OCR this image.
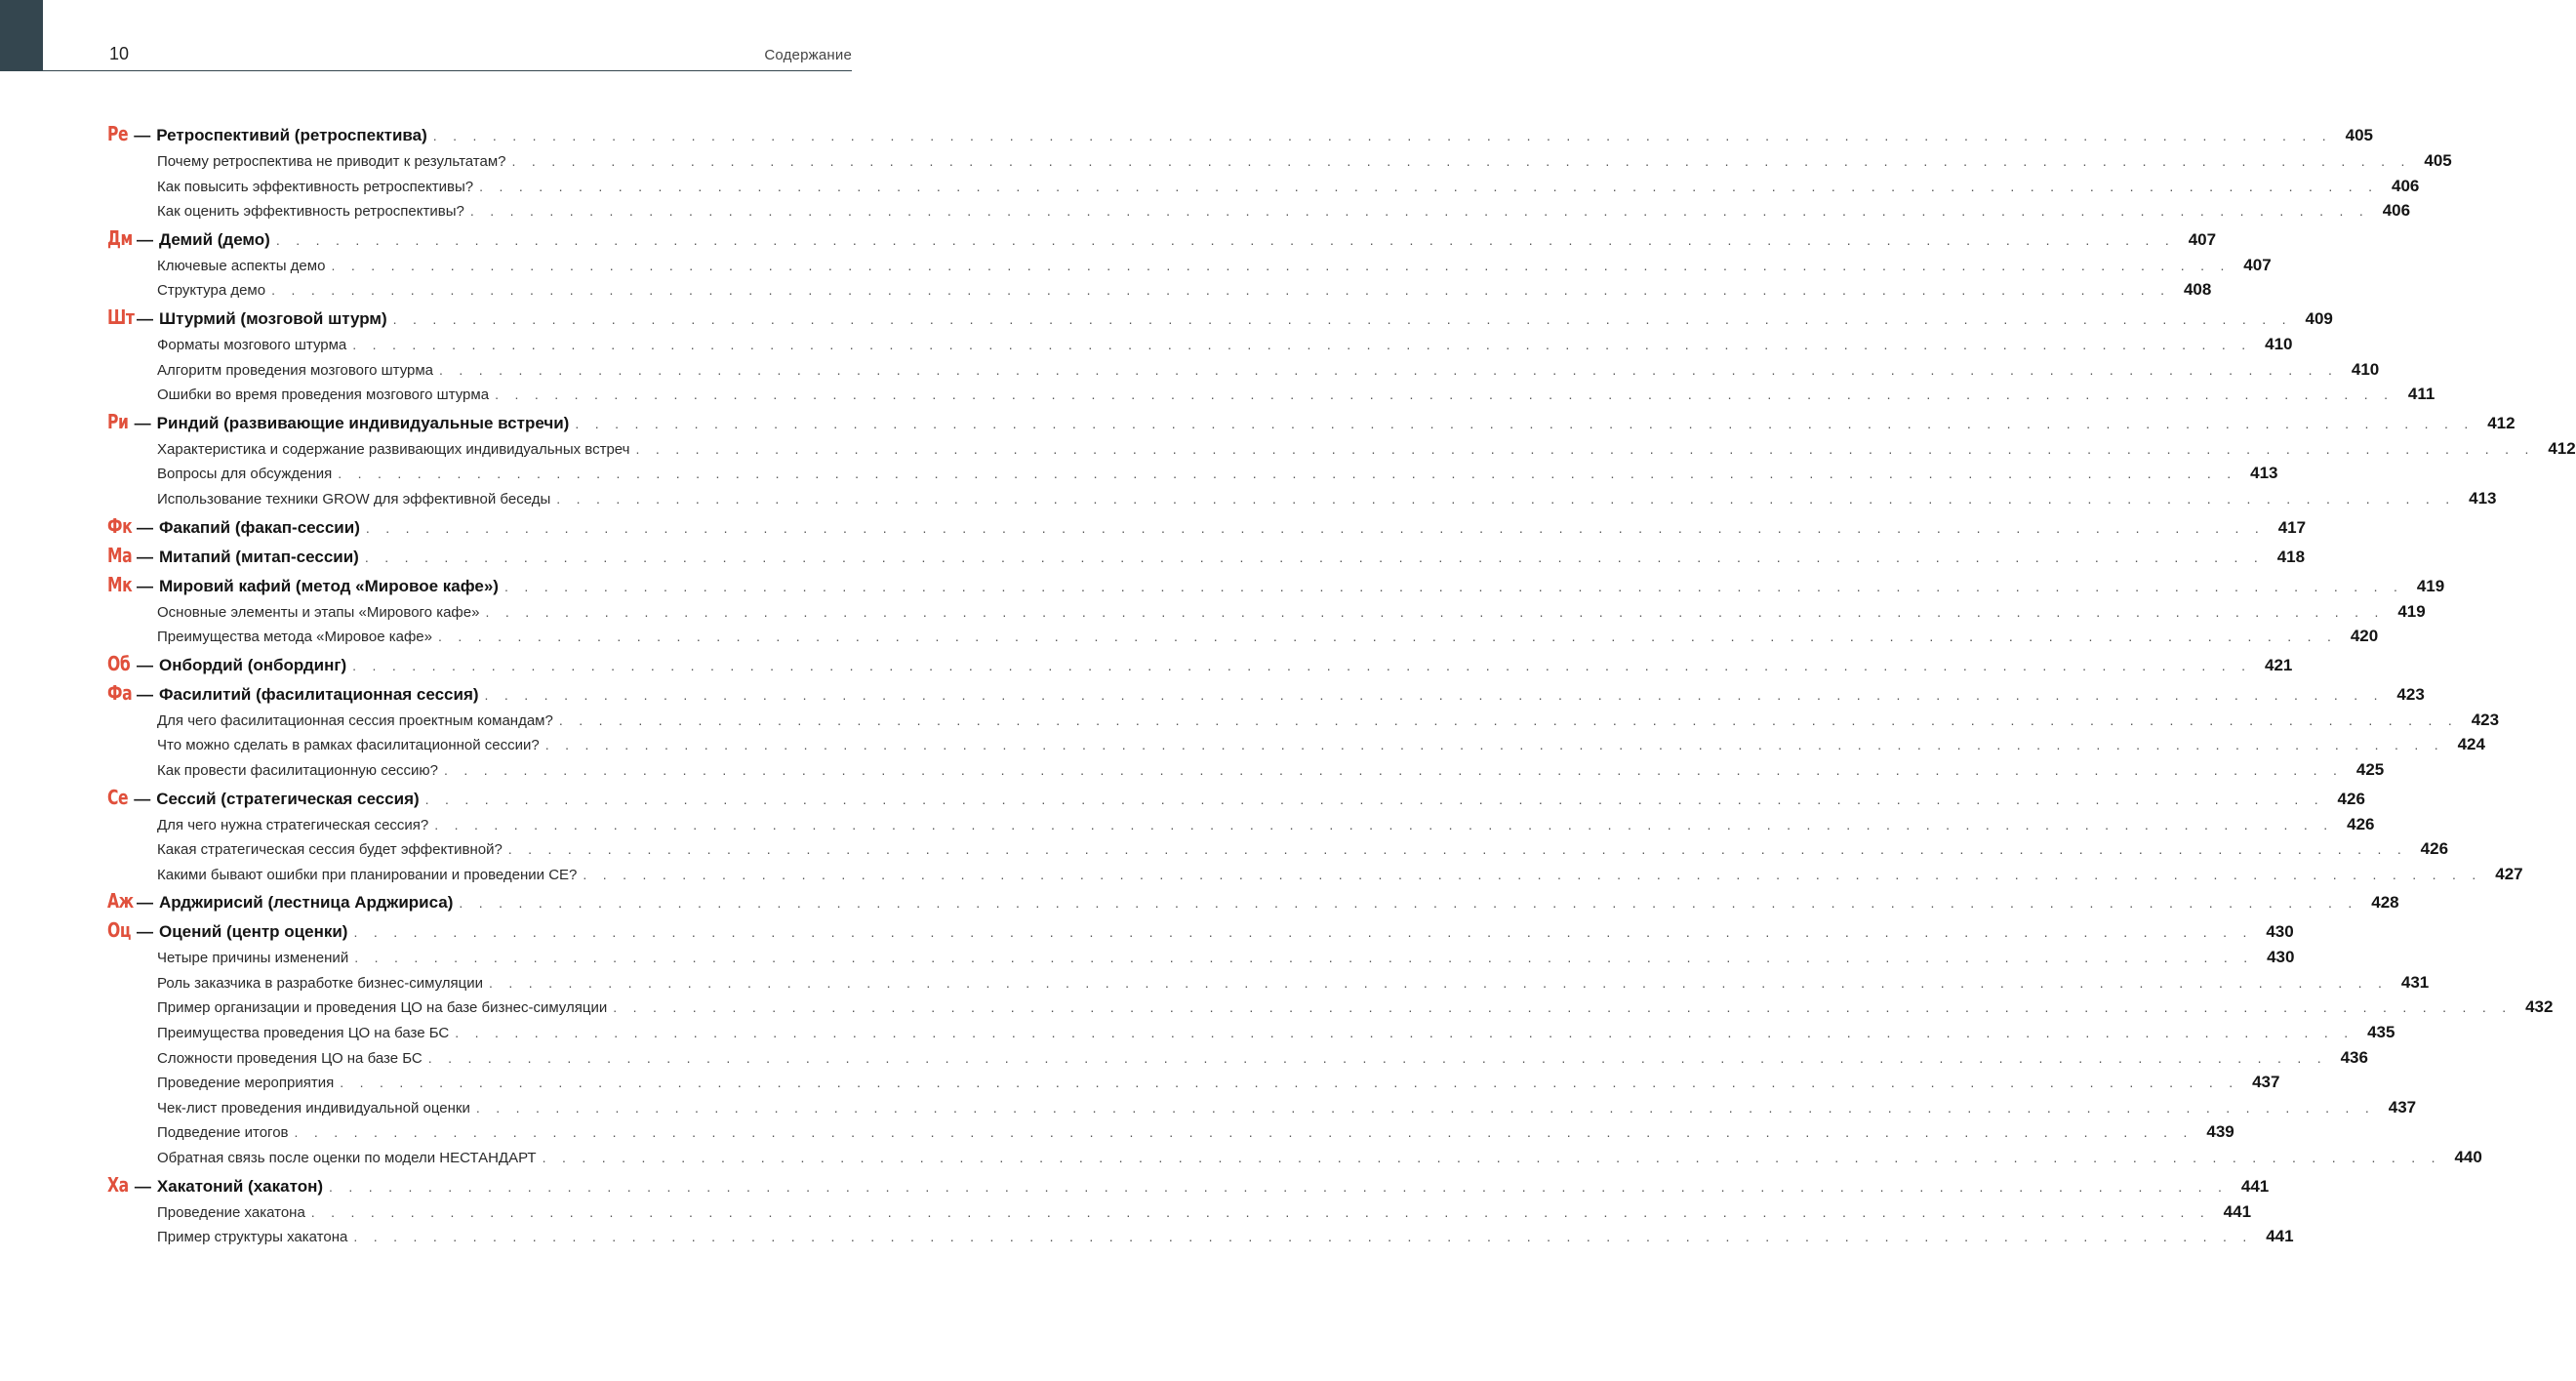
10	Содержание
Ре — Ретроспективий (ретроспектива) . . .	405
Почему ретроспектива не приводит к результатам? . . .	405
Как повысить эффективность ретроспективы? . . .	406
Как оценить эффективность ретроспективы? . . .	406
Дм — Демий (демо) . . .	407
Ключевые аспекты демо . . .	407
Структура демо . . .	408
Шт — Штурмий (мозговой штурм) . . .	409
Форматы мозгового штурма . . .	410
Алгоритм проведения мозгового штурма . . .	410
Ошибки во время проведения мозгового штурма . . .	411
Ри — Риндий (развивающие индивидуальные встречи) . . .	412
Характеристика и содержание развивающих индивидуальных встреч . . .	412
Вопросы для обсуждения . . .	413
Использование техники GROW для эффективной беседы . . .	413
Фк — Факапий (факап-сессии) . . .	417
Ма — Митапий (митап-сессии) . . .	418
Мк — Мировий кафий (метод «Мировое кафе») . . .	419
Основные элементы и этапы «Мирового кафе» . . .	419
Преимущества метода «Мировое кафе» . . .	420
Об — Онбордий (онбординг) . . .	421
Фа — Фасилитий (фасилитационная сессия) . . .	423
Для чего фасилитационная сессия проектным командам? . . .	423
Что можно сделать в рамках фасилитационной сессии? . . .	424
Как провести фасилитационную сессию? . . .	425
Се — Сессий (стратегическая сессия) . . .	426
Для чего нужна стратегическая сессия? . . .	426
Какая стратегическая сессия будет эффективной? . . .	426
Какими бывают ошибки при планировании и проведении СЕ? . . .	427
Аж — Арджирисий (лестница Арджириса) . . .	428
Оц — Оцений (центр оценки) . . .	430
Четыре причины изменений . . .	430
Роль заказчика в разработке бизнес-симуляции . . .	431
Пример организации и проведения ЦО на базе бизнес-симуляции . . .	432
Преимущества проведения ЦО на базе БС . . .	435
Сложности проведения ЦО на базе БС . . .	436
Проведение мероприятия . . .	437
Чек-лист проведения индивидуальной оценки . . .	437
Подведение итогов . . .	439
Обратная связь после оценки по модели НЕСТАНДАРТ . . .	440
Ха — Хакатоний (хакатон) . . .	441
Проведение хакатона . . .	441
Пример структуры хакатона . . .	441
